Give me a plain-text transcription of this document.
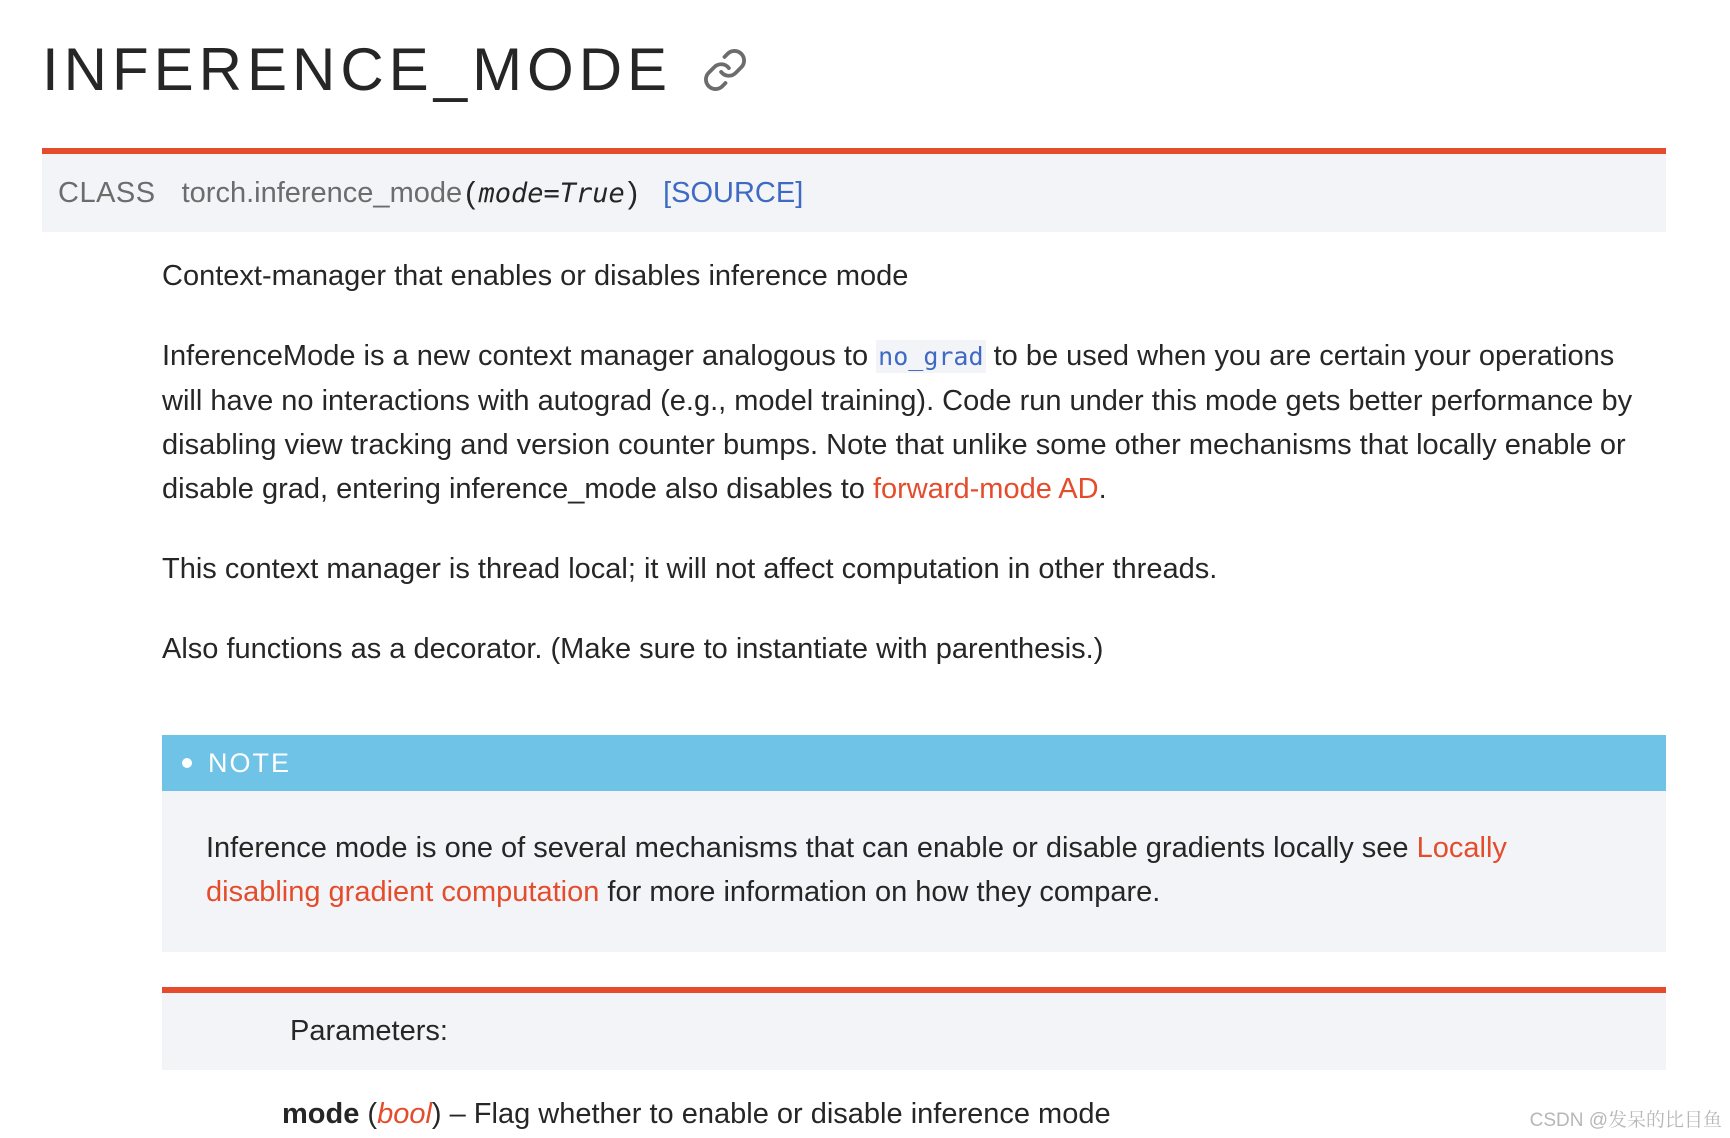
INFERENCE_MODE
CLASS torch.inference_mode ( mode=True ) [SOURCE]

Context-manager that enables or disables inference mode

InferenceMode is a new context manager analogous to no_grad to be used when you are certain your operations will have no interactions with autograd (e.g., model training). Code run under this mode gets better performance by disabling view tracking and version counter bumps. Note that unlike some other mechanisms that locally enable or disable grad, entering inference_mode also disables to forward-mode AD.

This context manager is thread local; it will not affect computation in other threads.

Also functions as a decorator. (Make sure to instantiate with parenthesis.)

NOTE
Inference mode is one of several mechanisms that can enable or disable gradients locally see Locally disabling gradient computation for more information on how they compare.
Parameters:
mode (bool) – Flag whether to enable or disable inference mode	CSDN @发呆的比目鱼
